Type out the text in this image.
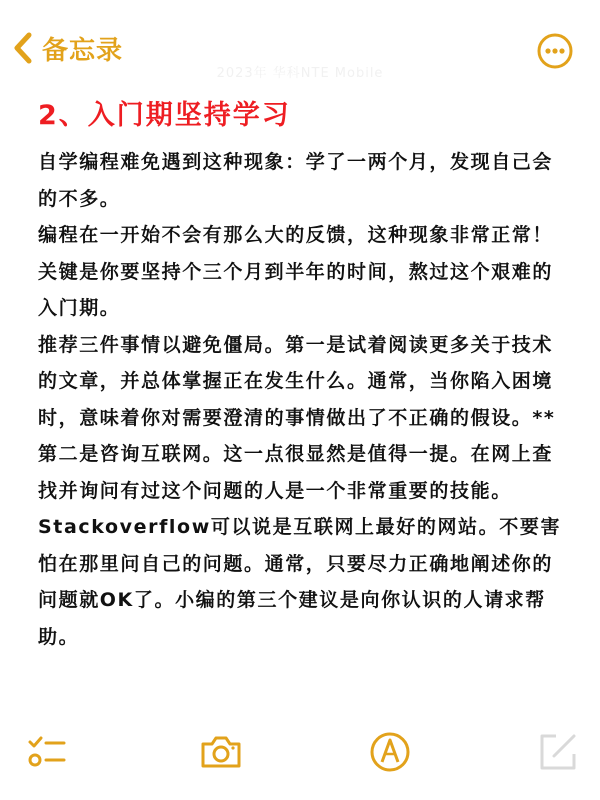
备忘录
2023年 华科NTE Mobile
2、入门期坚持学习

自学编程难免遇到这种现象：学了一两个月，发现自己会的不多。

编程在一开始不会有那么大的反馈，这种现象非常正常！关键是你要坚持个三个月到半年的时间，熬过这个艰难的入门期。

推荐三件事情以避免僵局。第一是试着阅读更多关于技术的文章，并总体掌握正在发生什么。通常，当你陷入困境时，意味着你对需要澄清的事情做出了不正确的假设。**第二是咨询互联网。这一点很显然是值得一提。在网上查找并询问有过这个问题的人是一个非常重要的技能。Stackoverflow可以说是互联网上最好的网站。不要害怕在那里问自己的问题。通常，只要尽力正确地阐述你的问题就OK了。小编的第三个建议是向你认识的人请求帮助。
